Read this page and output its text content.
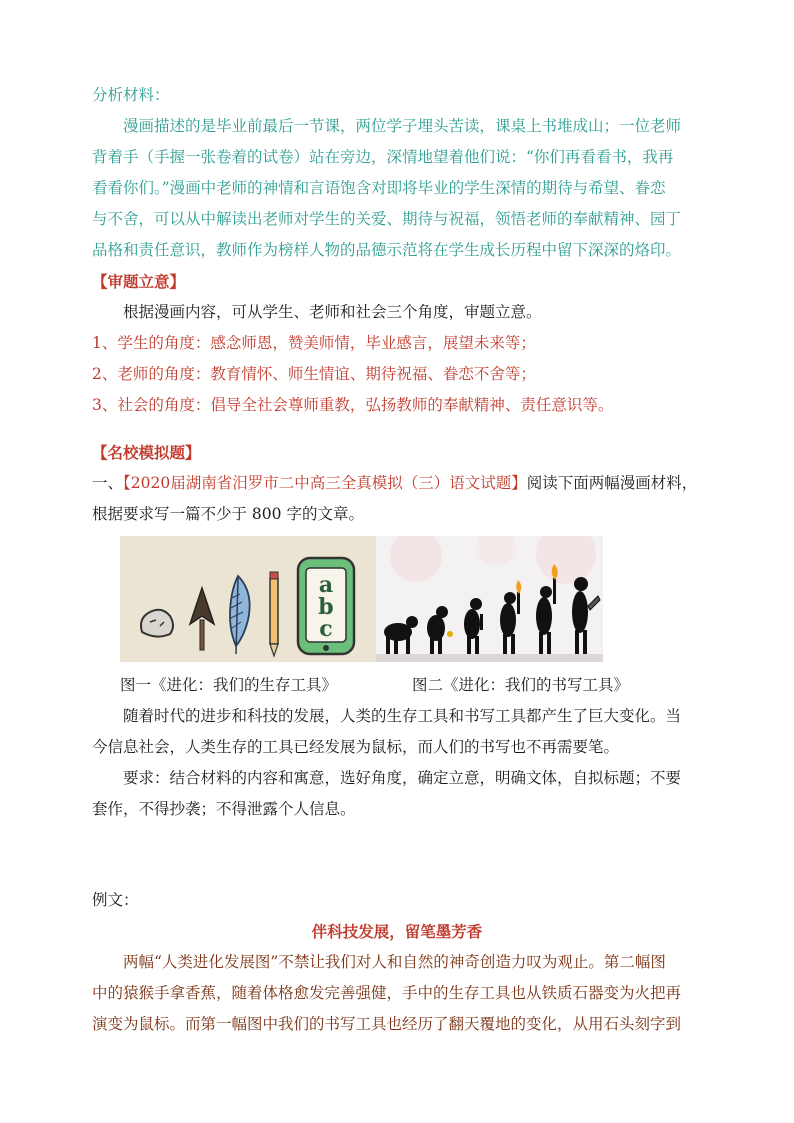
分析材料：
漫画描述的是毕业前最后一节课，两位学子埋头苦读，课桌上书堆成山；一位老师
背着手（手握一张卷着的试卷）站在旁边，深情地望着他们说：“你们再看看书，我再
看看你们。”漫画中老师的神情和言语饱含对即将毕业的学生深情的期待与希望、眷恋
与不舍，可以从中解读出老师对学生的关爱、期待与祝福，领悟老师的奉献精神、园丁
品格和责任意识，教师作为榜样人物的品德示范将在学生成长历程中留下深深的烙印。
【审题立意】
根据漫画内容，可从学生、老师和社会三个角度，审题立意。
1、学生的角度：感念师恩，赞美师情，毕业感言，展望未来等；
2、老师的角度：教育情怀、师生情谊、期待祝福、眷恋不舍等；
3、社会的角度：倡导全社会尊师重教，弘扬教师的奉献精神、责任意识等。
【名校模拟题】
一、【2020届湖南省汨罗市二中高三全真模拟（三）语文试题】阅读下面两幅漫画材料，
根据要求写一篇不少于 800 字的文章。
a
b
c
图一《进化：我们的生存工具》	图二《进化：我们的书写工具》
随着时代的进步和科技的发展，人类的生存工具和书写工具都产生了巨大变化。当
今信息社会，人类生存的工具已经发展为鼠标，而人们的书写也不再需要笔。
要求：结合材料的内容和寓意，选好角度，确定立意，明确文体，自拟标题；不要
套作，不得抄袭；不得泄露个人信息。
例文：
伴科技发展，留笔墨芳香
两幅“人类进化发展图”不禁让我们对人和自然的神奇创造力叹为观止。第二幅图
中的猿猴手拿香蕉，随着体格愈发完善强健，手中的生存工具也从铁质石器变为火把再
演变为鼠标。而第一幅图中我们的书写工具也经历了翻天覆地的变化，从用石头刻字到
